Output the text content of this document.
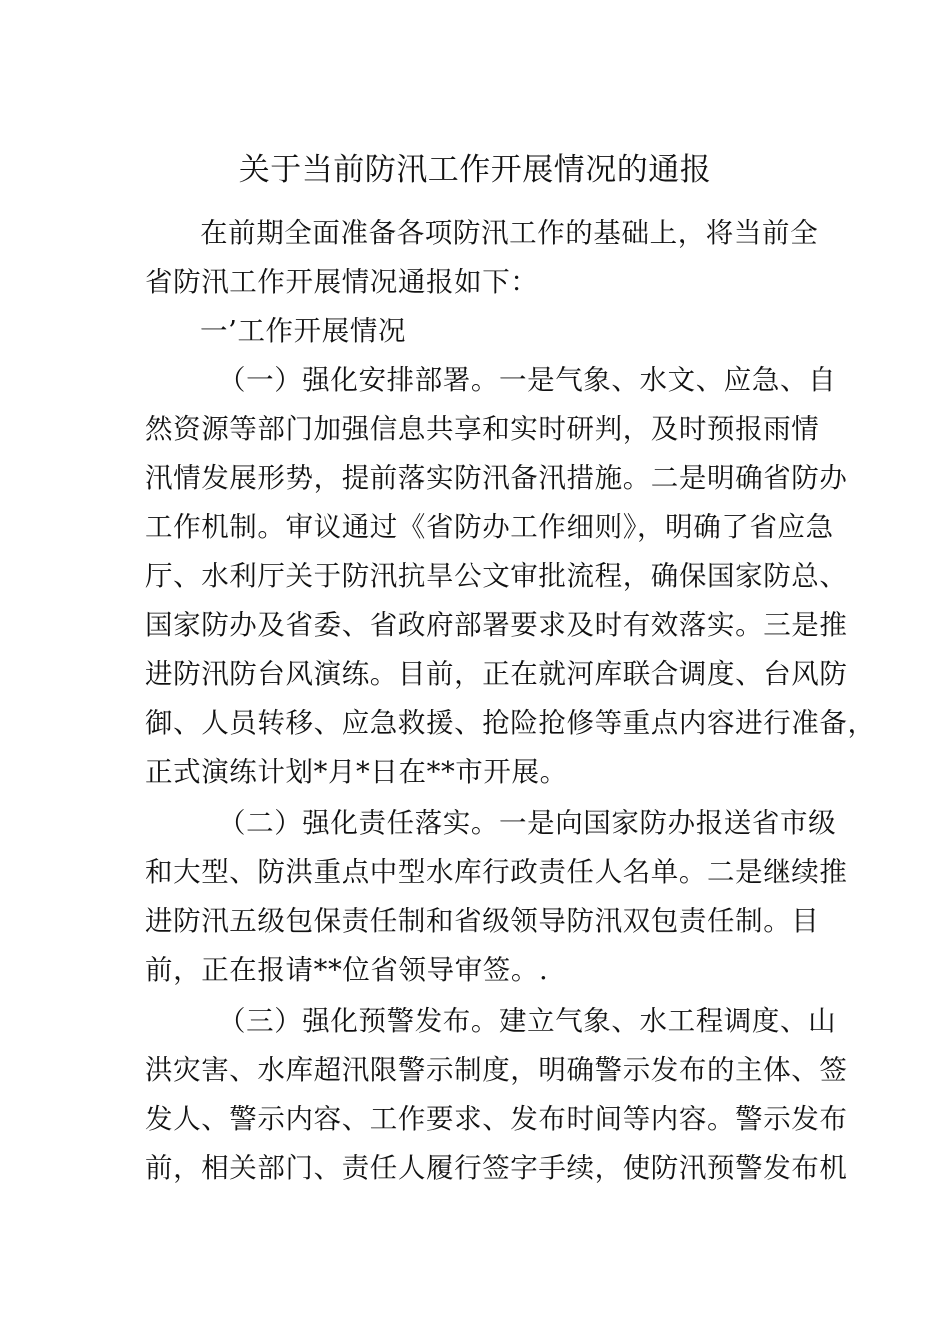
关于当前防汛工作开展情况的通报
在前期全面准备各项防汛工作的基础上，将当前全
省防汛工作开展情况通报如下：
一’工作开展情况
（一）强化安排部署。一是气象、水文、应急、自
然资源等部门加强信息共享和实时研判，及时预报雨情
汛情发展形势，提前落实防汛备汛措施。二是明确省防办
工作机制。审议通过《省防办工作细则》，明确了省应急
厅、水利厅关于防汛抗旱公文审批流程，确保国家防总、
国家防办及省委、省政府部署要求及时有效落实。三是推
进防汛防台风演练。目前，正在就河库联合调度、台风防
御、人员转移、应急救援、抢险抢修等重点内容进行准备，
正式演练计划*月*日在**市开展。
（二）强化责任落实。一是向国家防办报送省市级
和大型、防洪重点中型水库行政责任人名单。二是继续推
进防汛五级包保责任制和省级领导防汛双包责任制。目
前，正在报请**位省领导审签。.
（三）强化预警发布。建立气象、水工程调度、山
洪灾害、水库超汛限警示制度，明确警示发布的主体、签
发人、警示内容、工作要求、发布时间等内容。警示发布
前，相关部门、责任人履行签字手续，使防汛预警发布机
